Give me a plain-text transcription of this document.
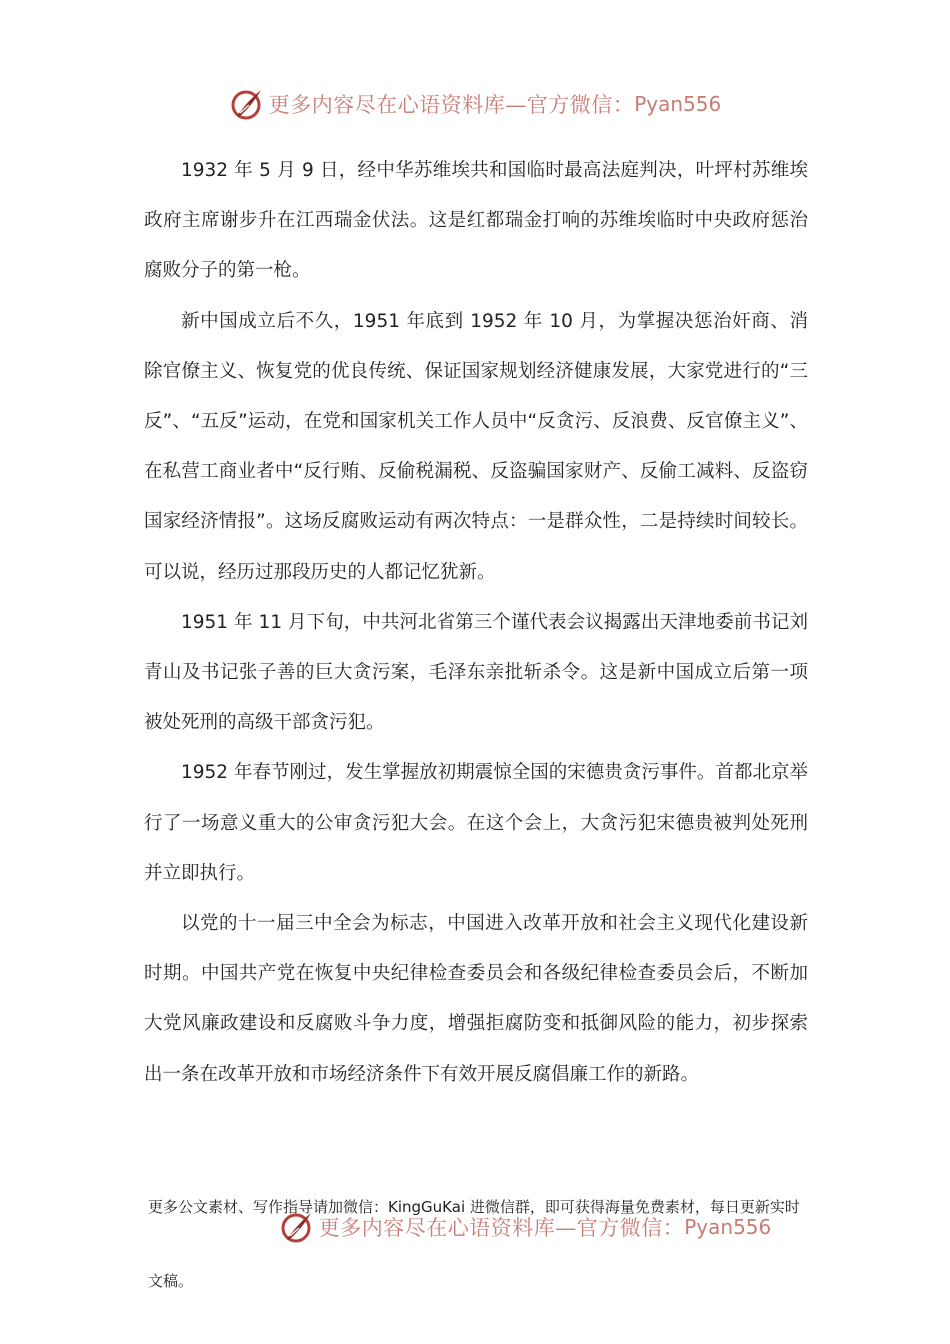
更多内容尽在心语资料库—官方微信： Pyan556

1932 年 5 月 9 日，经中华苏维埃共和国临时最高法庭判决，叶坪村苏维埃政府主席谢步升在江西瑞金伏法。这是红都瑞金打响的苏维埃临时中央政府惩治腐败分子的第一枪。

新中国成立后不久，1951 年底到 1952 年 10 月，为掌握决惩治奸商、消除官僚主义、恢复党的优良传统、保证国家规划经济健康发展，大家党进行的“三反”、“五反”运动，在党和国家机关工作人员中“反贪污、反浪费、反官僚主义”、在私营工商业者中“反行贿、反偷税漏税、反盗骗国家财产、反偷工减料、反盗窃国家经济情报”。这场反腐败运动有两次特点：一是群众性，二是持续时间较长。可以说，经历过那段历史的人都记忆犹新。

1951 年 11 月下旬，中共河北省第三个谨代表会议揭露出天津地委前书记刘青山及书记张子善的巨大贪污案，毛泽东亲批斩杀令。这是新中国成立后第一项被处死刑的高级干部贪污犯。

1952 年春节刚过，发生掌握放初期震惊全国的宋德贵贪污事件。首都北京举行了一场意义重大的公审贪污犯大会。在这个会上，大贪污犯宋德贵被判处死刑并立即执行。

以党的十一届三中全会为标志，中国进入改革开放和社会主义现代化建设新时期。中国共产党在恢复中央纪律检查委员会和各级纪律检查委员会后，不断加大党风廉政建设和反腐败斗争力度，增强拒腐防变和抵御风险的能力，初步探索出一条在改革开放和市场经济条件下有效开展反腐倡廉工作的新路。

更多公文素材、写作指导请加微信：KingGuKai 进微信群，即可获得海量免费素材，每日更新实时文稿。
更多内容尽在心语资料库—官方微信： Pyan556
